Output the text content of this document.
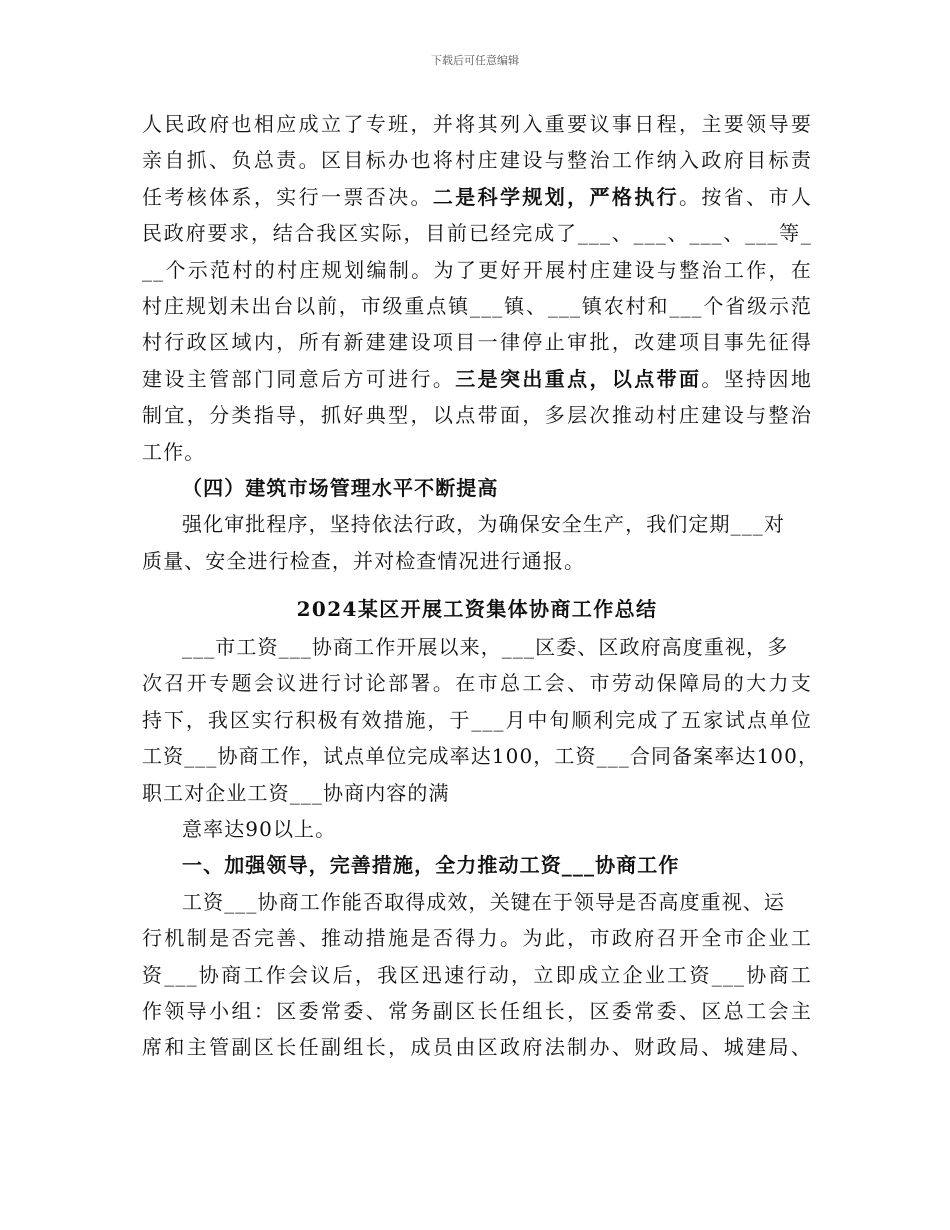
下载后可任意编辑
人民政府也相应成立了专班，并将其列入重要议事日程，主要领导要
亲自抓、负总责。区目标办也将村庄建设与整治工作纳入政府目标责
任考核体系，实行一票否决。二是科学规划，严格执行。按省、市人
民政府要求，结合我区实际，目前已经完成了___、___、___、___等_
__个示范村的村庄规划编制。为了更好开展村庄建设与整治工作，在
村庄规划未出台以前，市级重点镇___镇、___镇农村和___个省级示范
村行政区域内，所有新建建设项目一律停止审批，改建项目事先征得
建设主管部门同意后方可进行。三是突出重点，以点带面。坚持因地
制宜，分类指导，抓好典型，以点带面，多层次推动村庄建设与整治
工作。
（四）建筑市场管理水平不断提高
强化审批程序，坚持依法行政，为确保安全生产，我们定期___对
质量、安全进行检查，并对检查情况进行通报。
2024某区开展工资集体协商工作总结
___市工资___协商工作开展以来，___区委、区政府高度重视，多
次召开专题会议进行讨论部署。在市总工会、市劳动保障局的大力支
持下，我区实行积极有效措施，于___月中旬顺利完成了五家试点单位
工资___协商工作，试点单位完成率达100，工资___合同备案率达100，
职工对企业工资___协商内容的满
意率达90以上。
一、加强领导，完善措施，全力推动工资___协商工作
工资___协商工作能否取得成效，关键在于领导是否高度重视、运
行机制是否完善、推动措施是否得力。为此，市政府召开全市企业工
资___协商工作会议后，我区迅速行动，立即成立企业工资___协商工
作领导小组：区委常委、常务副区长任组长，区委常委、区总工会主
席和主管副区长任副组长，成员由区政府法制办、财政局、城建局、
